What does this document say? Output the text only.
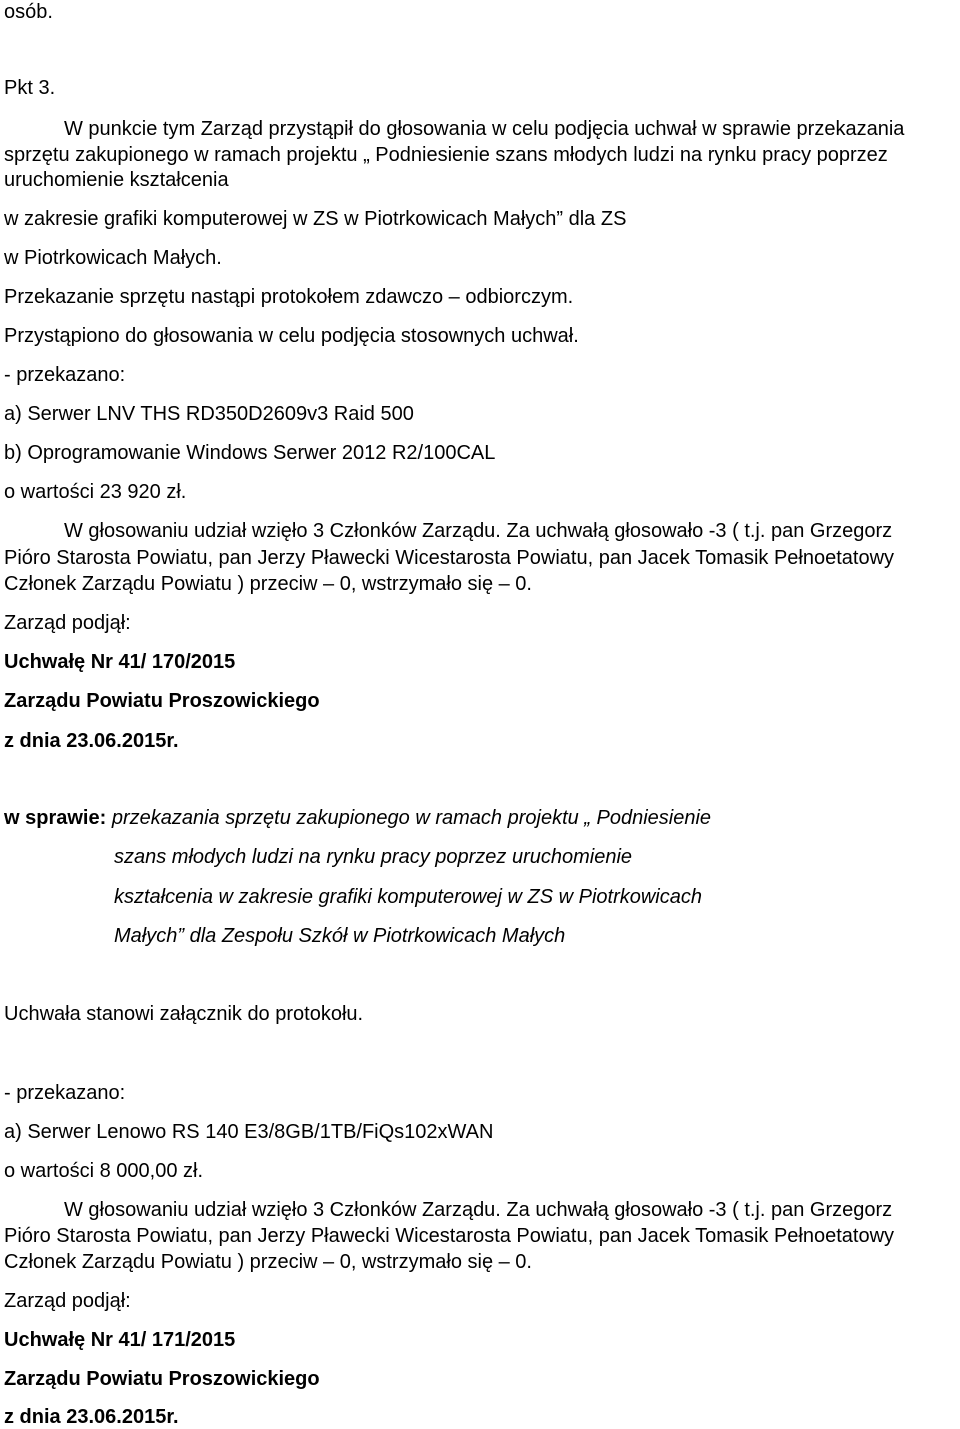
osób.

Pkt 3.

W punkcie tym Zarząd przystąpił do głosowania w celu podjęcia uchwał w sprawie przekazania

sprzętu zakupionego w ramach projektu „ Podniesienie szans młodych ludzi na rynku pracy poprzez

uruchomienie kształcenia

w zakresie grafiki komputerowej w ZS w Piotrkowicach Małych” dla ZS

w Piotrkowicach Małych.

Przekazanie sprzętu nastąpi protokołem zdawczo – odbiorczym.

Przystąpiono do głosowania w celu podjęcia stosownych uchwał.

- przekazano:

a) Serwer LNV THS RD350D2609v3 Raid 500

b) Oprogramowanie Windows Serwer 2012 R2/100CAL

o wartości 23 920 zł.

W głosowaniu udział wzięło 3 Członków Zarządu. Za uchwałą głosowało -3 ( t.j. pan Grzegorz

Pióro Starosta Powiatu, pan Jerzy Pławecki Wicestarosta Powiatu, pan Jacek Tomasik Pełnoetatowy

Członek Zarządu Powiatu ) przeciw – 0, wstrzymało się – 0.

Zarząd podjął:

Uchwałę Nr 41/ 170/2015

Zarządu Powiatu Proszowickiego

z dnia 23.06.2015r.

w sprawie: przekazania sprzętu zakupionego w ramach projektu „ Podniesienie

szans młodych ludzi na rynku pracy poprzez uruchomienie

kształcenia w zakresie grafiki komputerowej w ZS w Piotrkowicach

Małych” dla Zespołu Szkół w Piotrkowicach Małych

Uchwała stanowi załącznik do protokołu.

- przekazano:

a) Serwer Lenowo RS 140 E3/8GB/1TB/FiQs102xWAN

o wartości 8 000,00 zł.

W głosowaniu udział wzięło 3 Członków Zarządu. Za uchwałą głosowało -3 ( t.j. pan Grzegorz

Pióro Starosta Powiatu, pan Jerzy Pławecki Wicestarosta Powiatu, pan Jacek Tomasik Pełnoetatowy

Członek Zarządu Powiatu ) przeciw – 0, wstrzymało się – 0.

Zarząd podjął:

Uchwałę Nr 41/ 171/2015

Zarządu Powiatu Proszowickiego

z dnia 23.06.2015r.
